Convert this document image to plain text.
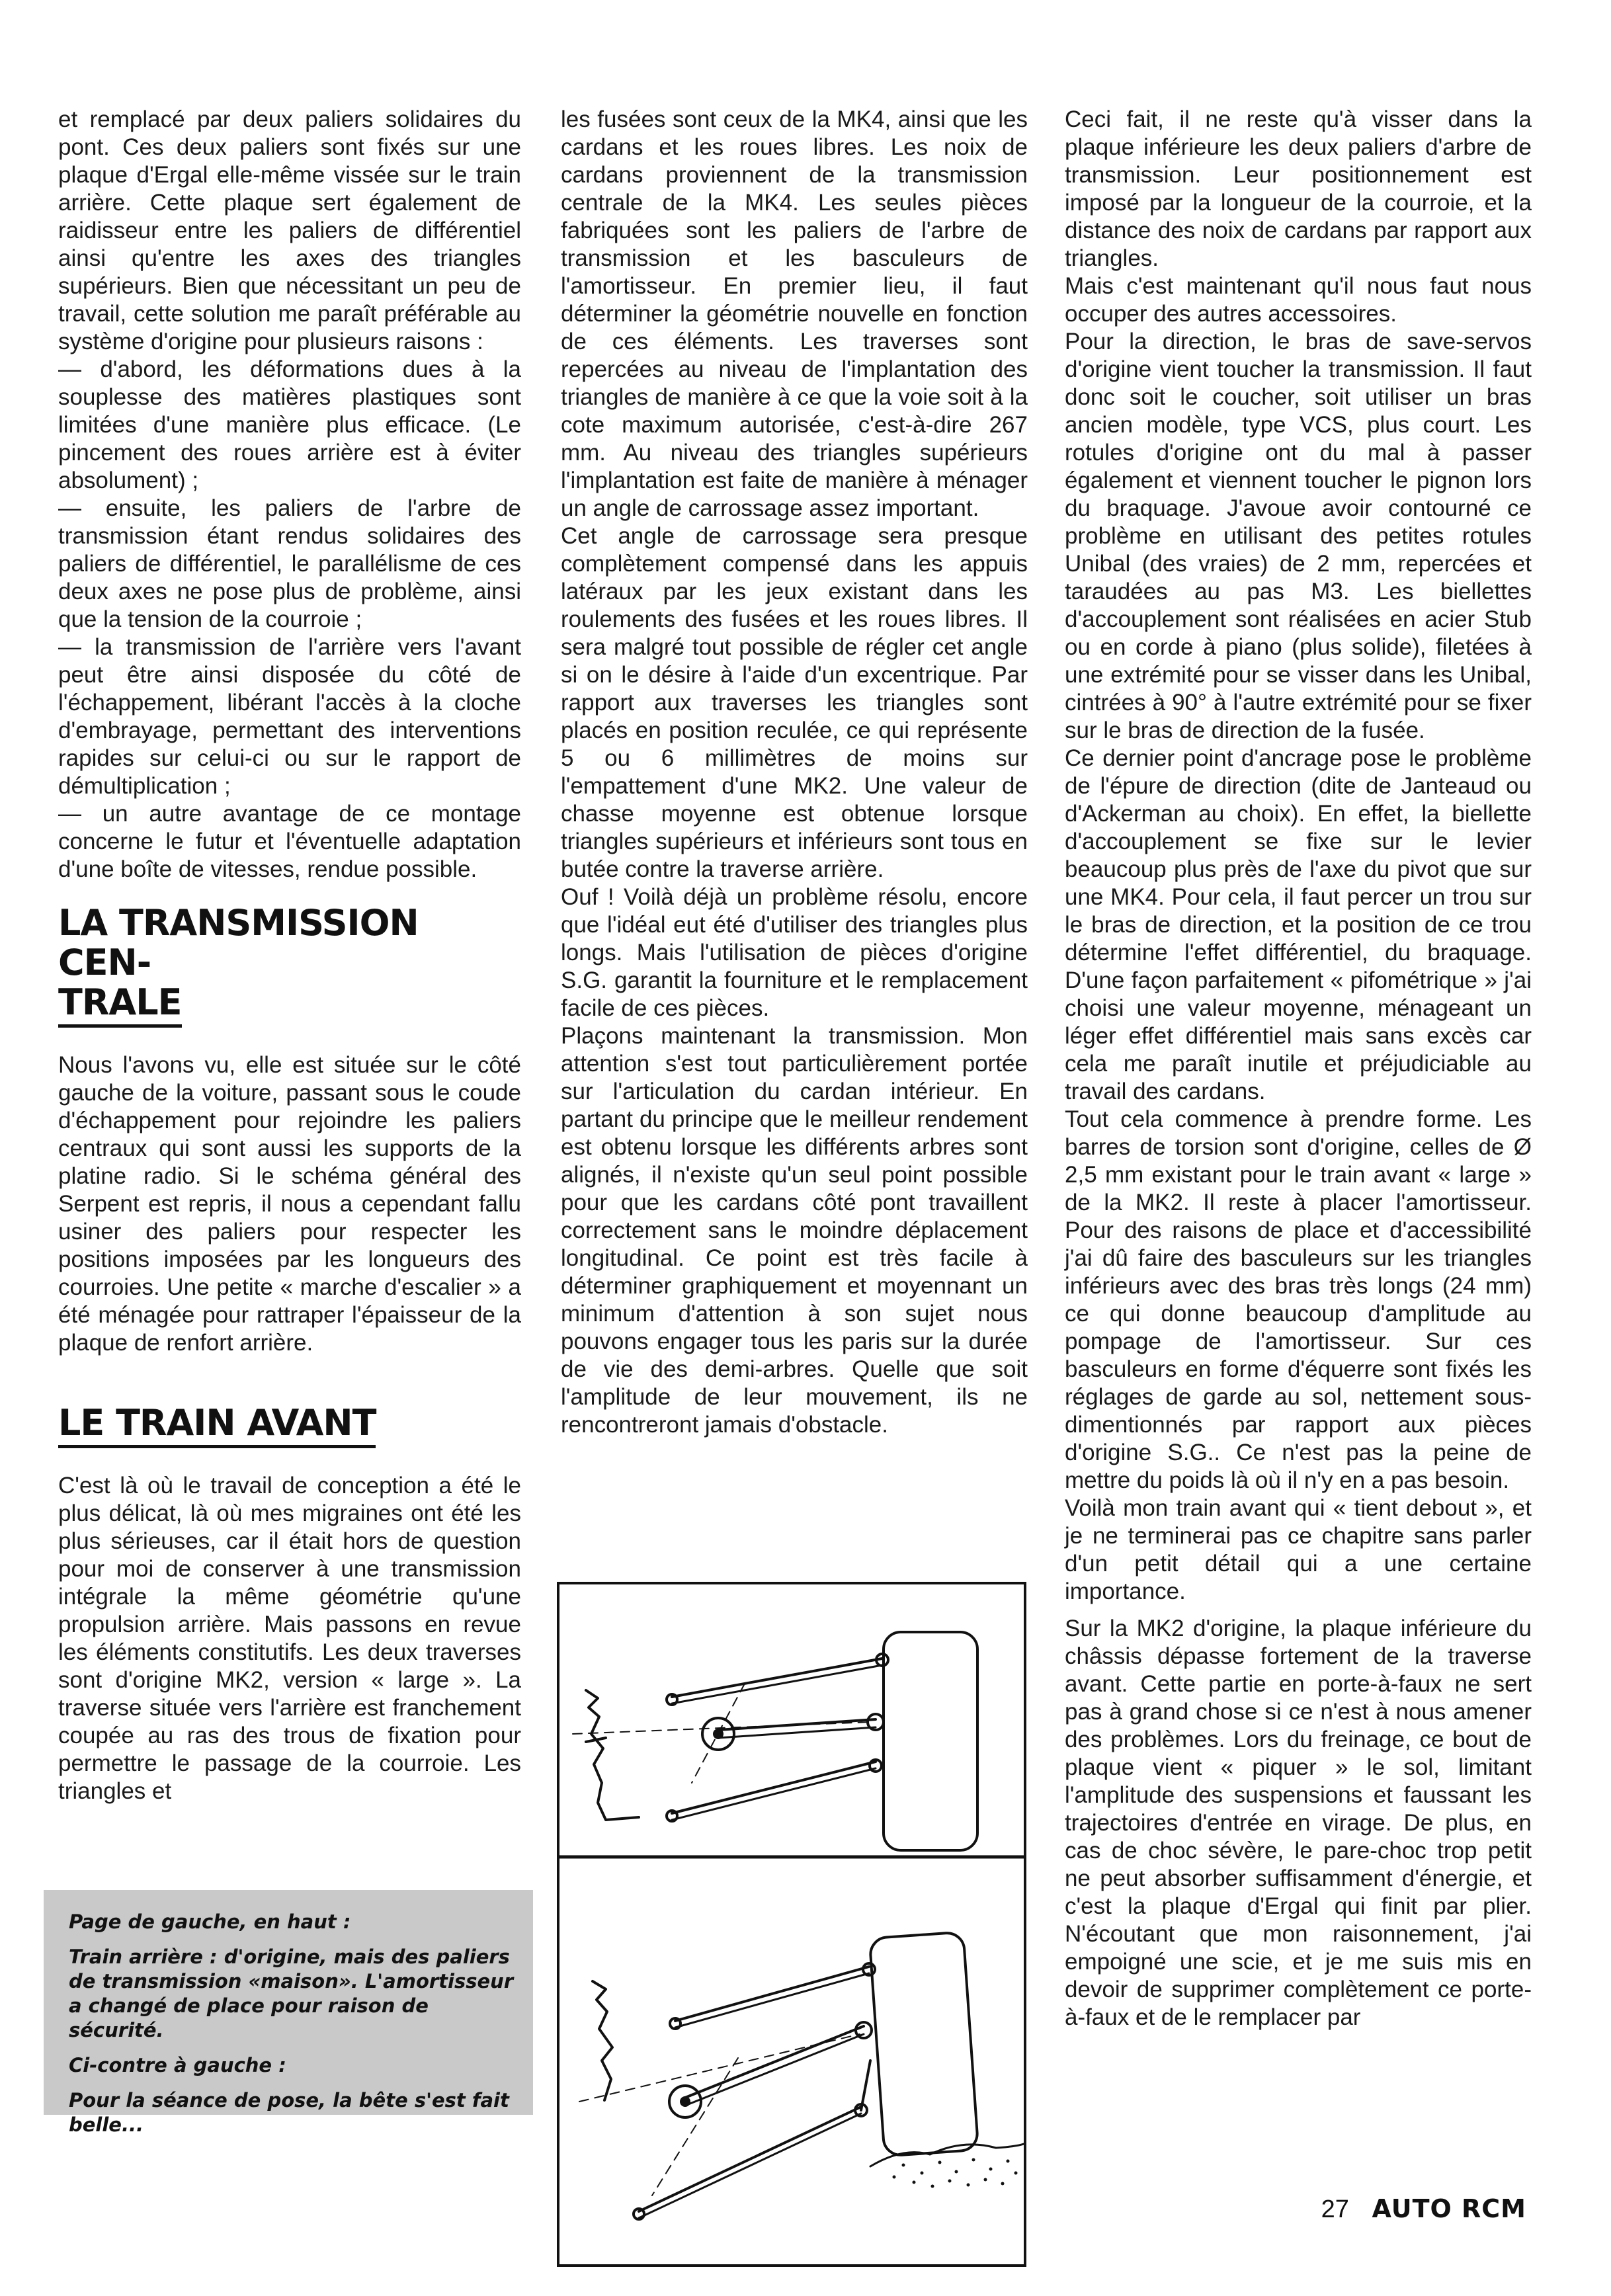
et remplacé par deux paliers solidaires du pont. Ces deux paliers sont fixés sur une plaque d'Ergal elle-même vissée sur le train arrière. Cette plaque sert également de raidisseur entre les paliers de différentiel ainsi qu'entre les axes des triangles supérieurs. Bien que nécessitant un peu de travail, cette solution me paraît préférable au système d'origine pour plusieurs raisons :

— d'abord, les déformations dues à la souplesse des matières plastiques sont limitées d'une manière plus efficace. (Le pincement des roues arrière est à éviter absolument) ;

— ensuite, les paliers de l'arbre de transmission étant rendus solidaires des paliers de différentiel, le parallélisme de ces deux axes ne pose plus de problème, ainsi que la tension de la courroie ;

— la transmission de l'arrière vers l'avant peut être ainsi disposée du côté de l'échappement, libérant l'accès à la cloche d'embrayage, permettant des interventions rapides sur celui-ci ou sur le rapport de démultiplication ;

— un autre avantage de ce montage concerne le futur et l'éventuelle adaptation d'une boîte de vitesses, rendue possible.

LA TRANSMISSION CEN-
TRALE

Nous l'avons vu, elle est située sur le côté gauche de la voiture, passant sous le coude d'échappement pour rejoindre les paliers centraux qui sont aussi les supports de la platine radio. Si le schéma général des Serpent est repris, il nous a cependant fallu usiner des paliers pour respecter les positions imposées par les longueurs des courroies. Une petite « marche d'escalier » a été ménagée pour rattraper l'épaisseur de la plaque de renfort arrière.

LE TRAIN AVANT

C'est là où le travail de conception a été le plus délicat, là où mes migraines ont été les plus sérieuses, car il était hors de question pour moi de conserver à une transmission intégrale la même géométrie qu'une propulsion arrière. Mais passons en revue les éléments constitutifs. Les deux traverses sont d'origine MK2, version « large ». La traverse située vers l'arrière est franchement coupée au ras des trous de fixation pour permettre le passage de la courroie. Les triangles et

les fusées sont ceux de la MK4, ainsi que les cardans et les roues libres. Les noix de cardans proviennent de la transmission centrale de la MK4. Les seules pièces fabriquées sont les paliers de l'arbre de transmission et les basculeurs de l'amortisseur. En premier lieu, il faut déterminer la géométrie nouvelle en fonction de ces éléments. Les traverses sont repercées au niveau de l'implantation des triangles de manière à ce que la voie soit à la cote maximum autorisée, c'est-à-dire 267 mm. Au niveau des triangles supérieurs l'implantation est faite de manière à ménager un angle de carrossage assez important.

Cet angle de carrossage sera presque complètement compensé dans les appuis latéraux par les jeux existant dans les roulements des fusées et les roues libres. Il sera malgré tout possible de régler cet angle si on le désire à l'aide d'un excentrique. Par rapport aux traverses les triangles sont placés en position reculée, ce qui représente 5 ou 6 millimètres de moins sur l'empattement d'une MK2. Une valeur de chasse moyenne est obtenue lorsque triangles supérieurs et inférieurs sont tous en butée contre la traverse arrière.

Ouf ! Voilà déjà un problème résolu, encore que l'idéal eut été d'utiliser des triangles plus longs. Mais l'utilisation de pièces d'origine S.G. garantit la fourniture et le remplacement facile de ces pièces.

Plaçons maintenant la transmission. Mon attention s'est tout particulièrement portée sur l'articulation du cardan intérieur. En partant du principe que le meilleur rendement est obtenu lorsque les différents arbres sont alignés, il n'existe qu'un seul point possible pour que les cardans côté pont travaillent correctement sans le moindre déplacement longitudinal. Ce point est très facile à déterminer graphiquement et moyennant un minimum d'attention à son sujet nous pouvons engager tous les paris sur la durée de vie des demi-arbres. Quelle que soit l'amplitude de leur mouvement, ils ne rencontreront jamais d'obstacle.

Ceci fait, il ne reste qu'à visser dans la plaque inférieure les deux paliers d'arbre de transmission. Leur positionnement est imposé par la longueur de la courroie, et la distance des noix de cardans par rapport aux triangles.

Mais c'est maintenant qu'il nous faut nous occuper des autres accessoires.

Pour la direction, le bras de save-servos d'origine vient toucher la transmission. Il faut donc soit le coucher, soit utiliser un bras ancien modèle, type VCS, plus court. Les rotules d'origine ont du mal à passer également et viennent toucher le pignon lors du braquage. J'avoue avoir contourné ce problème en utilisant des petites rotules Unibal (des vraies) de 2 mm, repercées et taraudées au pas M3. Les biellettes d'accouplement sont réalisées en acier Stub ou en corde à piano (plus solide), filetées à une extrémité pour se visser dans les Unibal, cintrées à 90° à l'autre extrémité pour se fixer sur le bras de direction de la fusée.

Ce dernier point d'ancrage pose le problème de l'épure de direction (dite de Janteaud ou d'Ackerman au choix). En effet, la biellette d'accouplement se fixe sur le levier beaucoup plus près de l'axe du pivot que sur une MK4. Pour cela, il faut percer un trou sur le bras de direction, et la position de ce trou détermine l'effet différentiel, du braquage. D'une façon parfaitement « pifométrique » j'ai choisi une valeur moyenne, ménageant un léger effet différentiel mais sans excès car cela me paraît inutile et préjudiciable au travail des cardans.

Tout cela commence à prendre forme. Les barres de torsion sont d'origine, celles de Ø 2,5 mm existant pour le train avant « large » de la MK2. Il reste à placer l'amortisseur. Pour des raisons de place et d'accessibilité j'ai dû faire des basculeurs sur les triangles inférieurs avec des bras très longs (24 mm) ce qui donne beaucoup d'amplitude au pompage de l'amortisseur. Sur ces basculeurs en forme d'équerre sont fixés les réglages de garde au sol, nettement sous-dimentionnés par rapport aux pièces d'origine S.G.. Ce n'est pas la peine de mettre du poids là où il n'y en a pas besoin.

Voilà mon train avant qui « tient debout », et je ne terminerai pas ce chapitre sans parler d'un petit détail qui a une certaine importance.

Sur la MK2 d'origine, la plaque inférieure du châssis dépasse fortement de la traverse avant. Cette partie en porte-à-faux ne sert pas à grand chose si ce n'est à nous amener des problèmes. Lors du freinage, ce bout de plaque vient « piquer » le sol, limitant l'amplitude des suspensions et faussant les trajectoires d'entrée en virage. De plus, en cas de choc sévère, le pare-choc trop petit ne peut absorber suffisamment d'énergie, et c'est la plaque d'Ergal qui finit par plier. N'écoutant que mon raisonnement, j'ai empoigné une scie, et je me suis mis en devoir de supprimer complètement ce porte-à-faux et de le remplacer par

Page de gauche, en haut :

Train arrière : d'origine, mais des paliers de transmission «maison». L'amortisseur a changé de place pour raison de sécurité.

Ci-contre à gauche :

Pour la séance de pose, la bête s'est fait belle...

27 AUTO RCM
